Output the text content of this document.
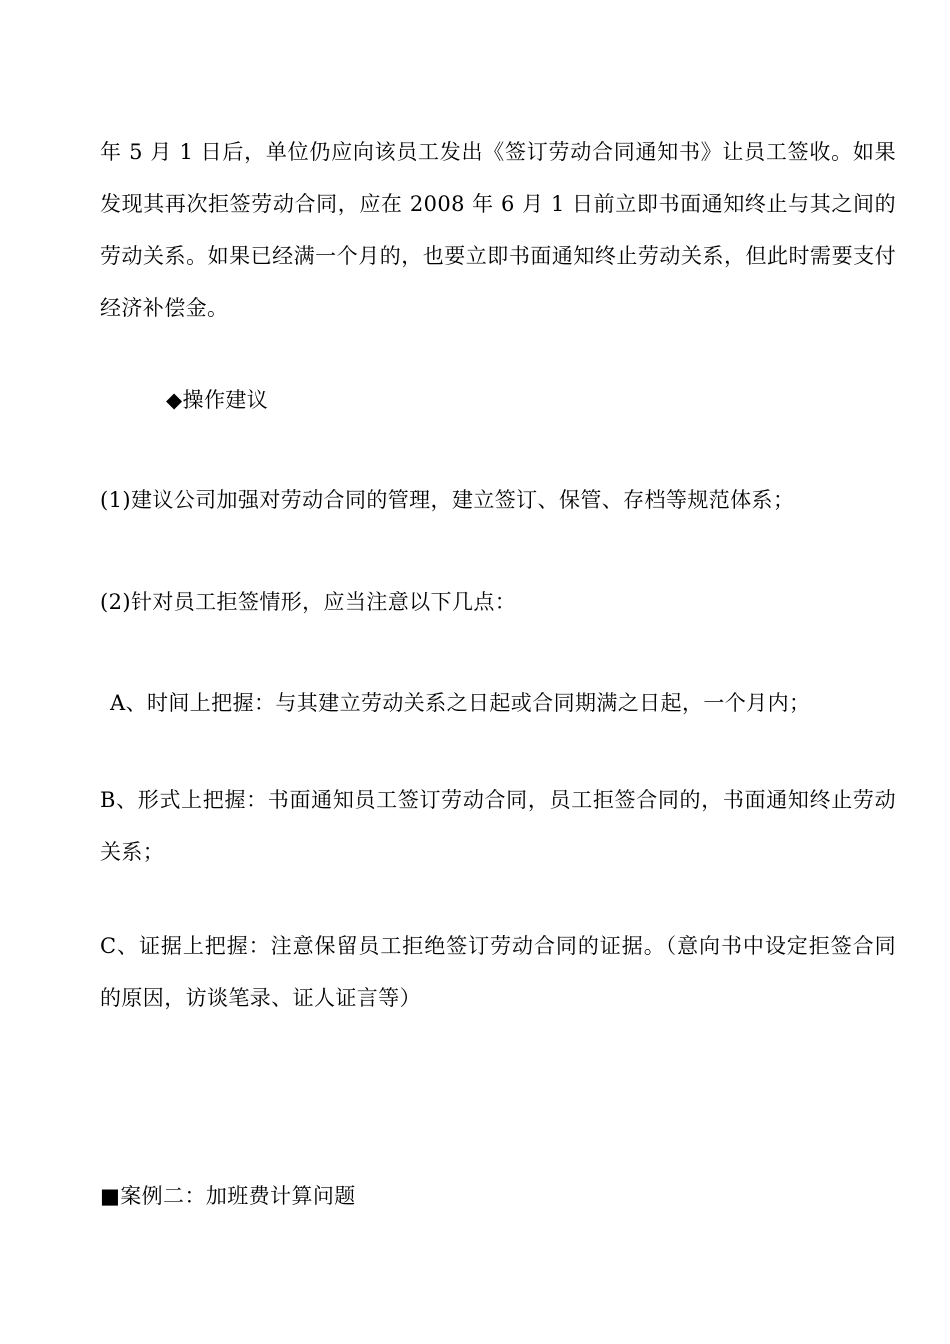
年 5 月 1 日后，单位仍应向该员工发出《签订劳动合同通知书》让员工签收。如果发现其再次拒签劳动合同，应在 2008 年 6 月 1 日前立即书面通知终止与其之间的劳动关系。如果已经满一个月的，也要立即书面通知终止劳动关系，但此时需要支付经济补偿金。
◆操作建议
(1)建议公司加强对劳动合同的管理，建立签订、保管、存档等规范体系；
(2)针对员工拒签情形，应当注意以下几点：
A、时间上把握：与其建立劳动关系之日起或合同期满之日起，一个月内；
B、形式上把握：书面通知员工签订劳动合同，员工拒签合同的，书面通知终止劳动关系；
C、证据上把握：注意保留员工拒绝签订劳动合同的证据。（意向书中设定拒签合同的原因，访谈笔录、证人证言等）
■案例二：加班费计算问题
